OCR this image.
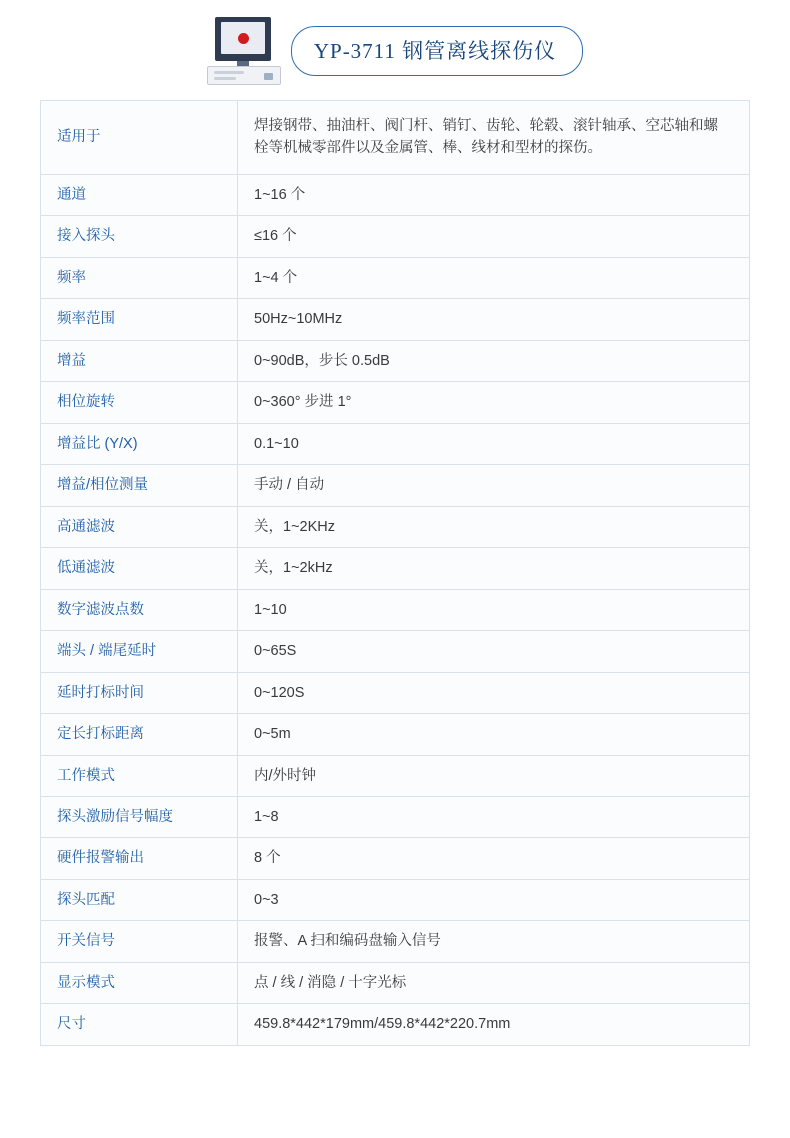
YP-3711 钢管离线探伤仪
适用于	焊接钢带、抽油杆、阀门杆、销钉、齿轮、轮毂、滚针轴承、空芯轴和螺栓等机械零部件以及金属管、棒、线材和型材的探伤。
通道	1~16 个
接入探头	≤16 个
频率	1~4 个
频率范围	50Hz~10MHz
增益	0~90dB，步长 0.5dB
相位旋转	0~360° 步进 1°
增益比 (Y/X)	0.1~10
增益/相位测量	手动 / 自动
高通滤波	关，1~2KHz
低通滤波	关，1~2kHz
数字滤波点数	1~10
端头 / 端尾延时	0~65S
延时打标时间	0~120S
定长打标距离	0~5m
工作模式	内/外时钟
探头激励信号幅度	1~8
硬件报警输出	8 个
探头匹配	0~3
开关信号	报警、A 扫和编码盘输入信号
显示模式	点 / 线 / 消隐 / 十字光标
尺寸	459.8*442*179mm/459.8*442*220.7mm
